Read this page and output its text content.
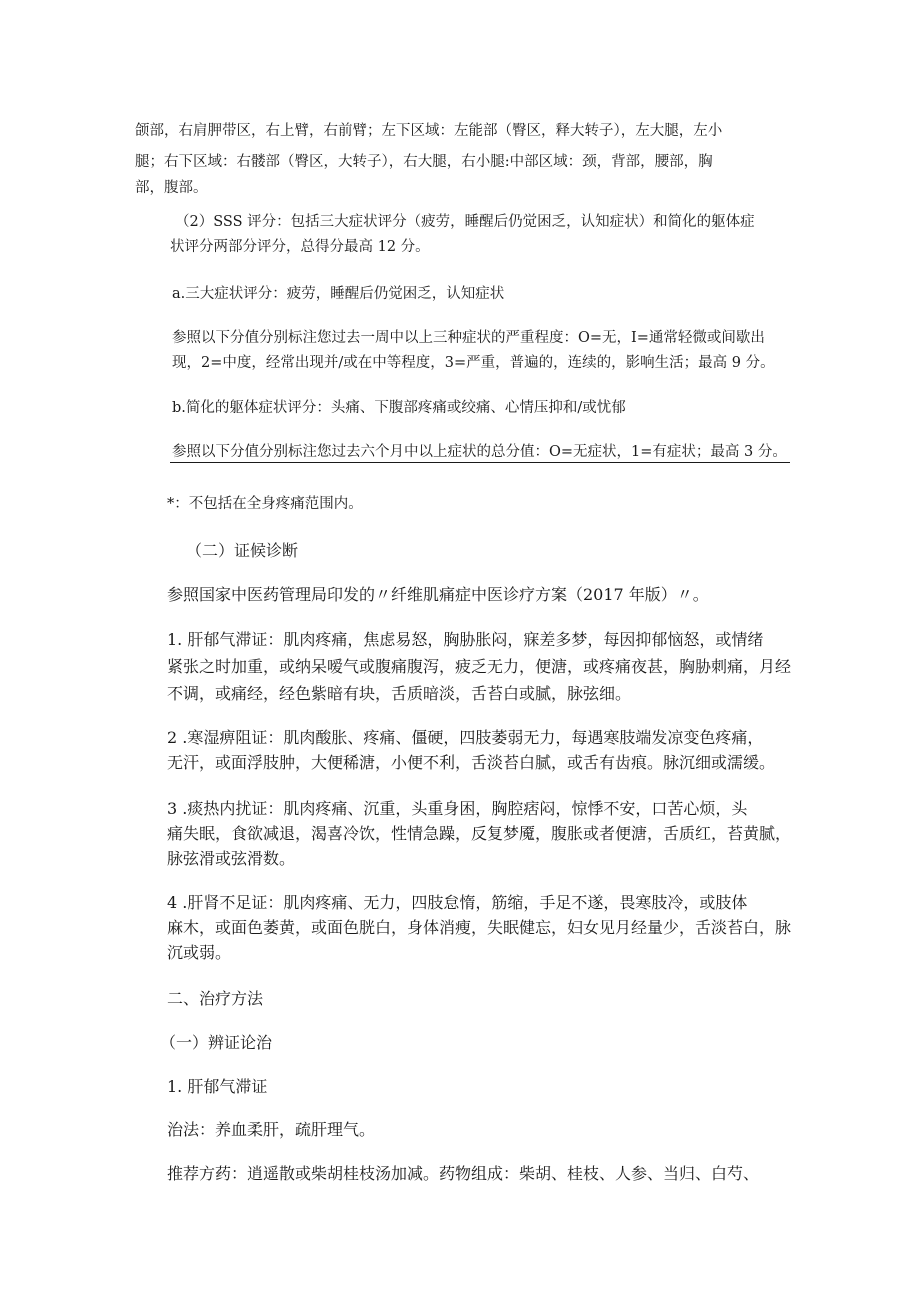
颌部，右肩胛带区，右上臂，右前臂；左下区域：左能部（臀区，释大转子），左大腿，左小
腿；右下区域：右髅部（臀区，大转子），右大腿，右小腿:中部区域：颈，背部，腰部，胸
部，腹部。
（2）SSS 评分：包括三大症状评分（疲劳，睡醒后仍觉困乏，认知症状）和简化的躯体症
状评分两部分评分，总得分最高 12 分。
a.三大症状评分：疲劳，睡醒后仍觉困乏，认知症状
参照以下分值分别标注您过去一周中以上三种症状的严重程度：O=无，I=通常轻微或间歇出
现，2=中度，经常出现并/或在中等程度，3=严重，普遍的，连续的，影响生活；最高 9 分。
b.简化的躯体症状评分：头痛、下腹部疼痛或绞痛、心情压抑和/或忧郁
参照以下分值分别标注您过去六个月中以上症状的总分值：O=无症状，1=有症状；最高 3 分。
*：不包括在全身疼痛范围内。
（二）证候诊断
参照国家中医药管理局印发的〃纤维肌痛症中医诊疗方案（2017 年版）〃。
1. 肝郁气滞证：肌肉疼痛，焦虑易怒，胸胁胀闷，寐差多梦，每因抑郁恼怒，或情绪
紧张之时加重，或纳呆嗳气或腹痛腹泻，疲乏无力，便溏，或疼痛夜甚，胸胁刺痛，月经
不调，或痛经，经色紫暗有块，舌质暗淡，舌苔白或腻，脉弦细。
2 .寒湿痹阻证：肌肉酸胀、疼痛、僵硬，四肢萎弱无力，每遇寒肢端发凉变色疼痛，
无汗，或面浮肢肿，大便稀溏，小便不利，舌淡苔白腻，或舌有齿痕。脉沉细或濡缓。
3 .痰热内扰证：肌肉疼痛、沉重，头重身困，胸腔痞闷，惊悸不安，口苦心烦，头
痛失眠，食欲减退，渴喜冷饮，性情急躁，反复梦魇，腹胀或者便溏，舌质红，苔黄腻，
脉弦滑或弦滑数。
4 .肝肾不足证：肌肉疼痛、无力，四肢怠惰，筋缩，手足不遂，畏寒肢冷，或肢体
麻木，或面色萎黄，或面色胱白，身体消瘦，失眠健忘，妇女见月经量少，舌淡苔白，脉
沉或弱。
二、治疗方法
（一）辨证论治
1. 肝郁气滞证
治法：养血柔肝，疏肝理气。
推荐方药：逍遥散或柴胡桂枝汤加减。药物组成：柴胡、桂枝、人参、当归、白芍、
